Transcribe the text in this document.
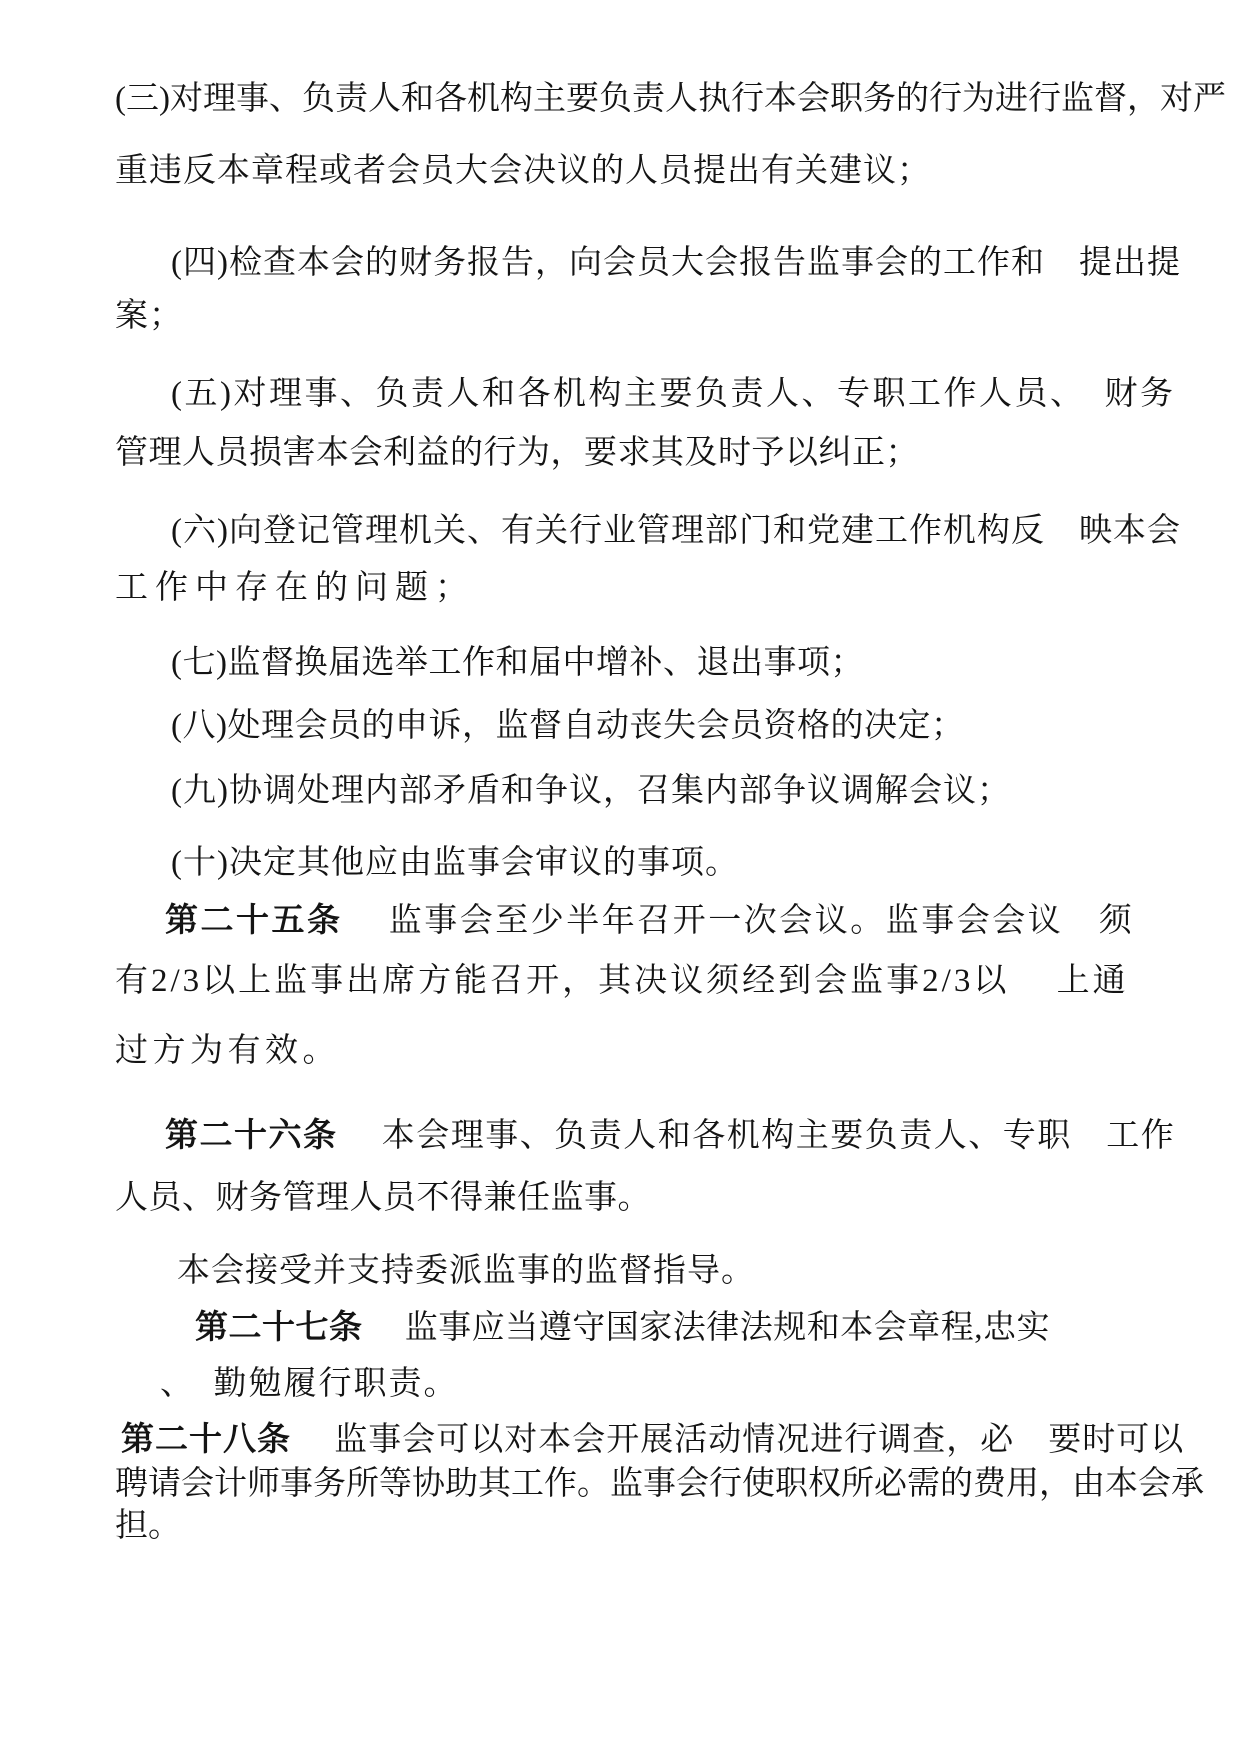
(三)对理事、负责人和各机构主要负责人执行本会职务的行为进行监督，对严
重违反本章程或者会员大会决议的人员提出有关建议；
(四)检查本会的财务报告，向会员大会报告监事会的工作和　提出提
案；
(五)对理事、负责人和各机构主要负责人、专职工作人员、　财务
管理人员损害本会利益的行为，要求其及时予以纠正；
(六)向登记管理机关、有关行业管理部门和党建工作机构反　映本会
工作中存在的问题；
(七)监督换届选举工作和届中增补、退出事项；
(八)处理会员的申诉，监督自动丧失会员资格的决定；
(九)协调处理内部矛盾和争议，召集内部争议调解会议；
(十)决定其他应由监事会审议的事项。
第二十五条　 监事会至少半年召开一次会议。监事会会议　须
有2/3以上监事出席方能召开，其决议须经到会监事2/3以　 上通
过方为有效。
第二十六条　 本会理事、负责人和各机构主要负责人、专职　工作
人员、财务管理人员不得兼任监事。
本会接受并支持委派监事的监督指导。
第二十七条　 监事应当遵守国家法律法规和本会章程,忠实
、　勤勉履行职责。
第二十八条　 监事会可以对本会开展活动情况进行调查，必　要时可以
聘请会计师事务所等协助其工作。监事会行使职权所必需的费用，由本会承
担。
